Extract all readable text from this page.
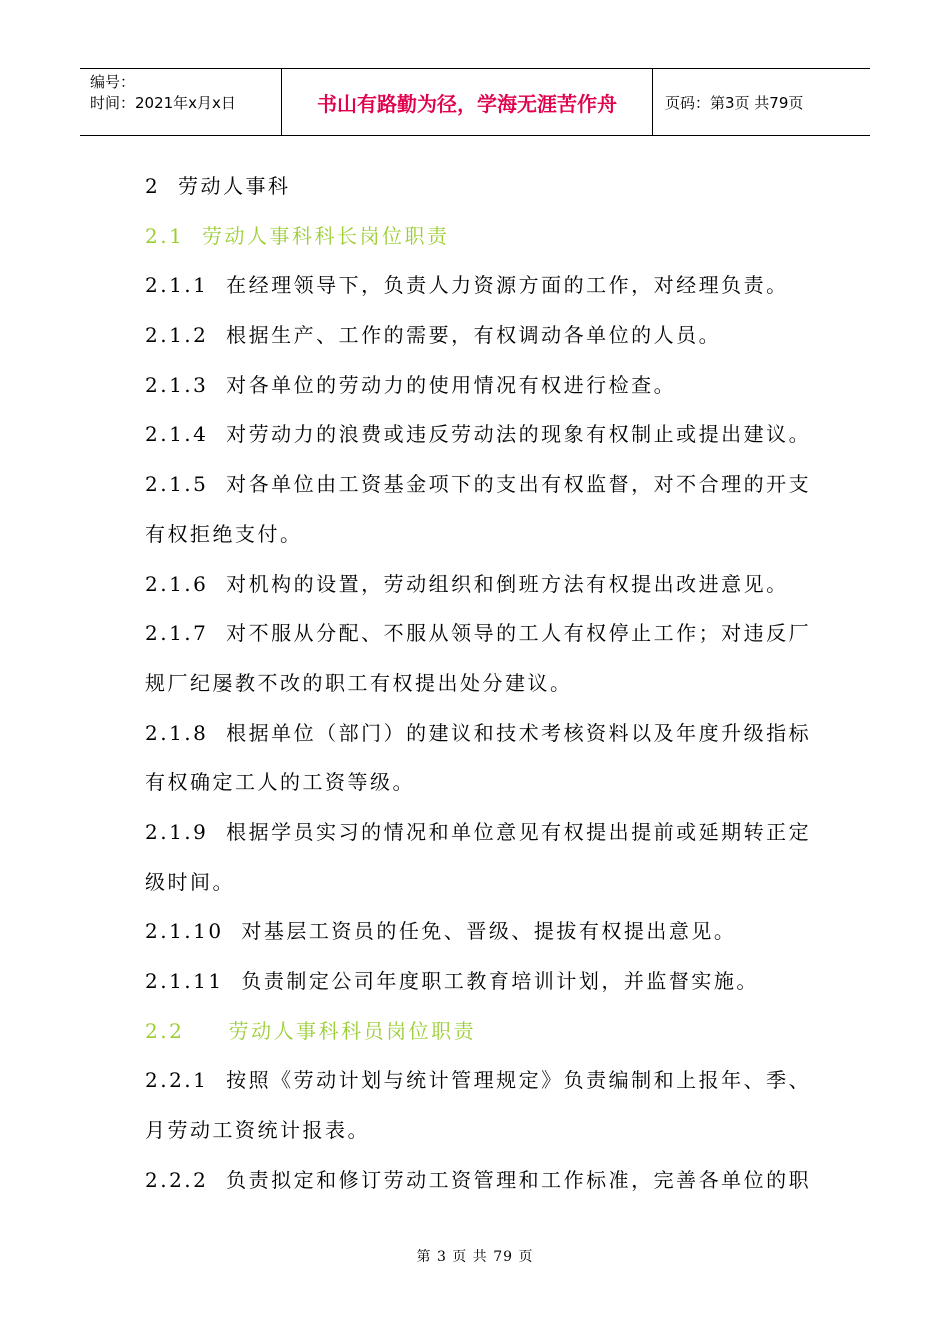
编号：
时间：2021年x月x日	书山有路勤为径，学海无涯苦作舟	页码：第3页 共79页
2 劳动人事科
2.1 劳动人事科科长岗位职责
2.1.1 在经理领导下，负责人力资源方面的工作，对经理负责。
2.1.2 根据生产、工作的需要，有权调动各单位的人员。
2.1.3 对各单位的劳动力的使用情况有权进行检查。
2.1.4 对劳动力的浪费或违反劳动法的现象有权制止或提出建议。
2.1.5 对各单位由工资基金项下的支出有权监督，对不合理的开支
有权拒绝支付。
2.1.6 对机构的设置，劳动组织和倒班方法有权提出改进意见。
2.1.7 对不服从分配、不服从领导的工人有权停止工作；对违反厂
规厂纪屡教不改的职工有权提出处分建议。
2.1.8 根据单位（部门）的建议和技术考核资料以及年度升级指标
有权确定工人的工资等级。
2.1.9 根据学员实习的情况和单位意见有权提出提前或延期转正定
级时间。
2.1.10 对基层工资员的任免、晋级、提拔有权提出意见。
2.1.11 负责制定公司年度职工教育培训计划，并监督实施。
2.2 劳动人事科科员岗位职责
2.2.1 按照《劳动计划与统计管理规定》负责编制和上报年、季、
月劳动工资统计报表。
2.2.2 负责拟定和修订劳动工资管理和工作标准，完善各单位的职
第 3 页 共 79 页
